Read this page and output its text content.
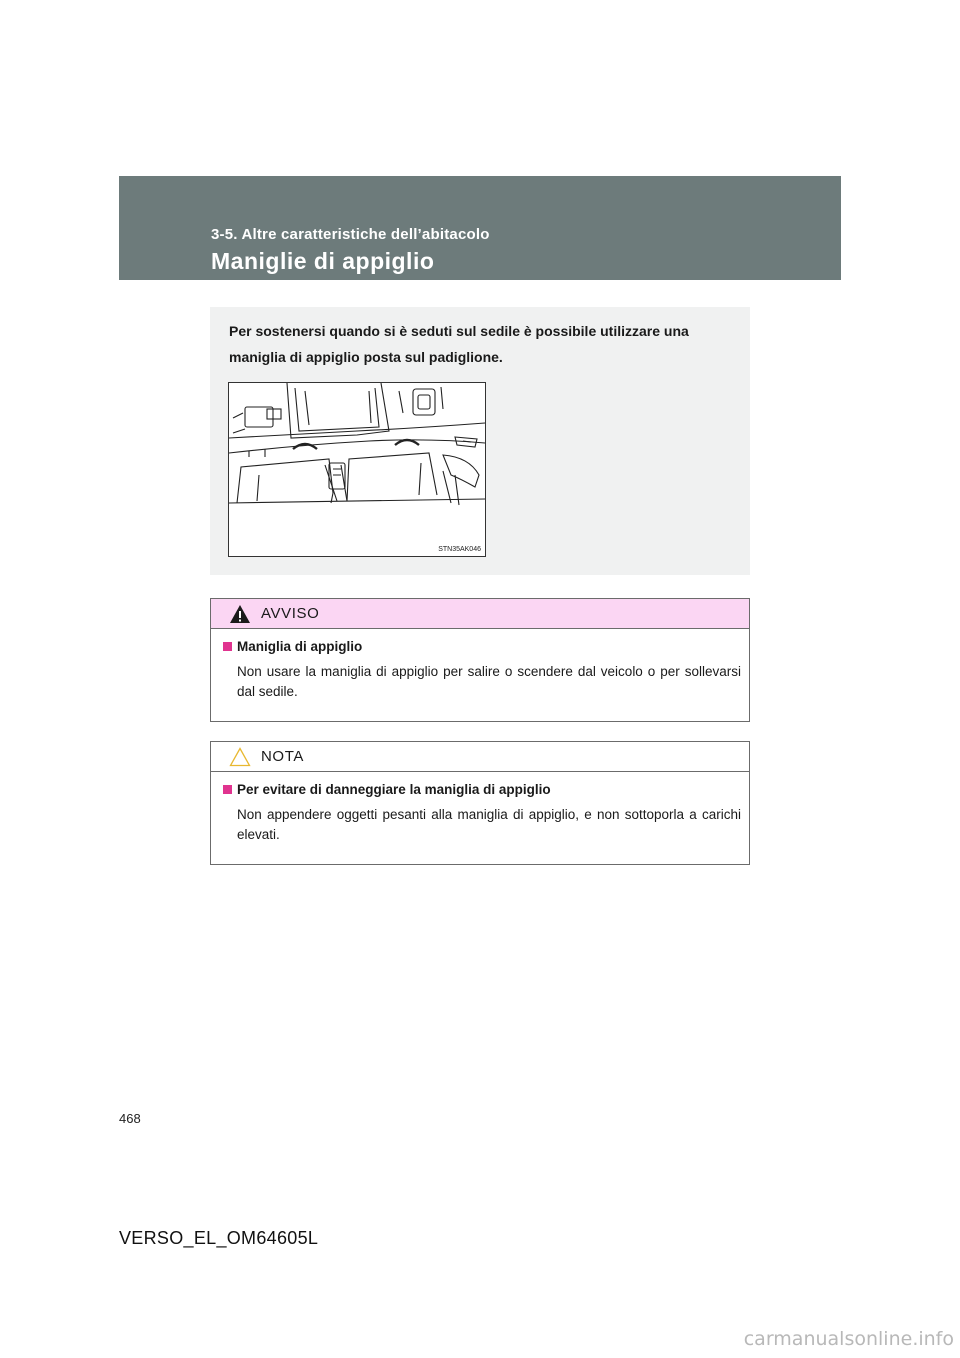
3-5. Altre caratteristiche dell’abitacolo
Maniglie di appiglio
Per sostenersi quando si è seduti sul sedile è possibile utilizzare una maniglia di appiglio posta sul padiglione.
STN35AK046
AVVISO
Maniglia di appiglio
Non usare la maniglia di appiglio per salire o scendere dal veicolo o per sollevarsi dal sedile.
NOTA
Per evitare di danneggiare la maniglia di appiglio
Non appendere oggetti pesanti alla maniglia di appiglio, e non sottoporla a carichi elevati.
468
VERSO_EL_OM64605L
carmanualsonline.info
